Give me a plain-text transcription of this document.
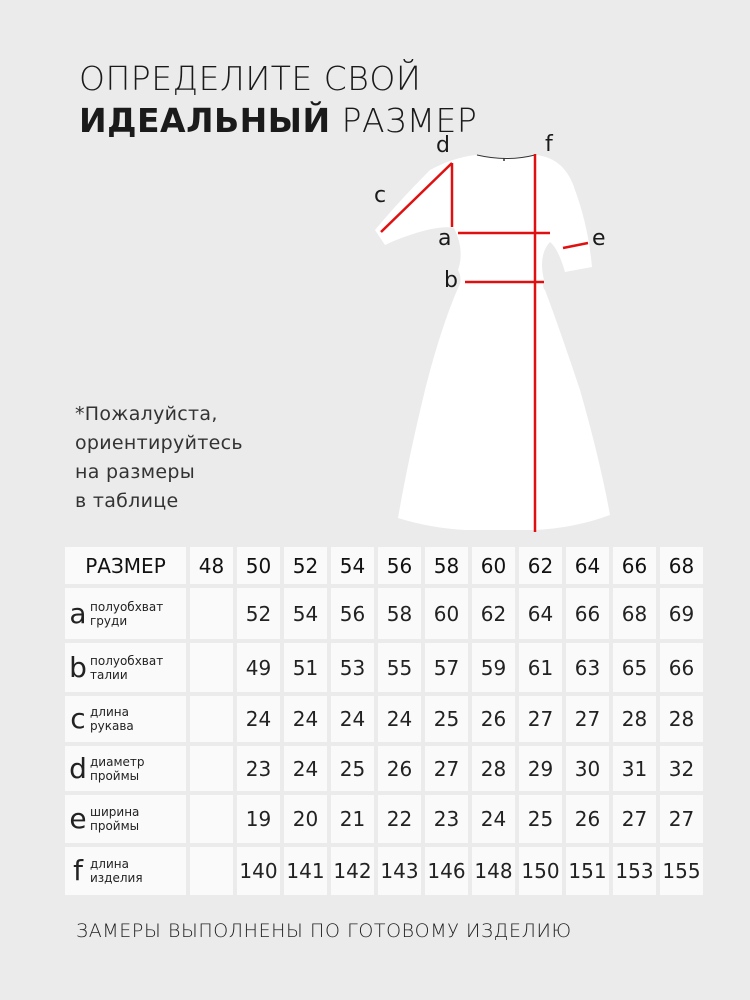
ОПРЕДЕЛИТЕ СВОЙ
ИДЕАЛЬНЫЙ РАЗМЕР
d	f
c
a	e
b
*Пожалуйста,
ориентируйтесь
на размеры
в таблице
РАЗМЕР	48	50	52	54	56	58	60	62	64	66	68
a полуобхват
груди		52	54	56	58	60	62	64	66	68	69
b полуобхват
талии		49	51	53	55	57	59	61	63	65	66
c длина
рукава		24	24	24	24	25	26	27	27	28	28
d диаметр
проймы		23	24	25	26	27	28	29	30	31	32
e ширина
проймы		19	20	21	22	23	24	25	26	27	27
f длина
изделия		140	141	142	143	146	148	150	151	153	155
ЗАМЕРЫ ВЫПОЛНЕНЫ ПО ГОТОВОМУ ИЗДЕЛИЮ
